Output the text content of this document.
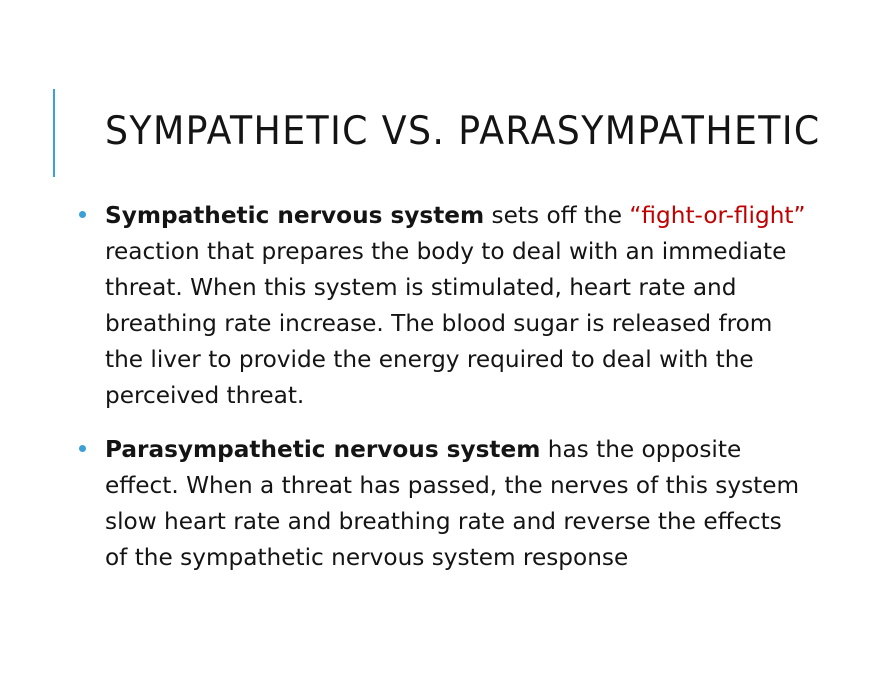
SYMPATHETIC VS. PARASYMPATHETIC
Sympathetic nervous system sets off the “fight-or-flight” reaction that prepares the body to deal with an immediate threat. When this system is stimulated, heart rate and breathing rate increase. The blood sugar is released from the liver to provide the energy required to deal with the perceived threat.
Parasympathetic nervous system has the opposite effect. When a threat has passed, the nerves of this system slow heart rate and breathing rate and reverse the effects of the sympathetic nervous system response
